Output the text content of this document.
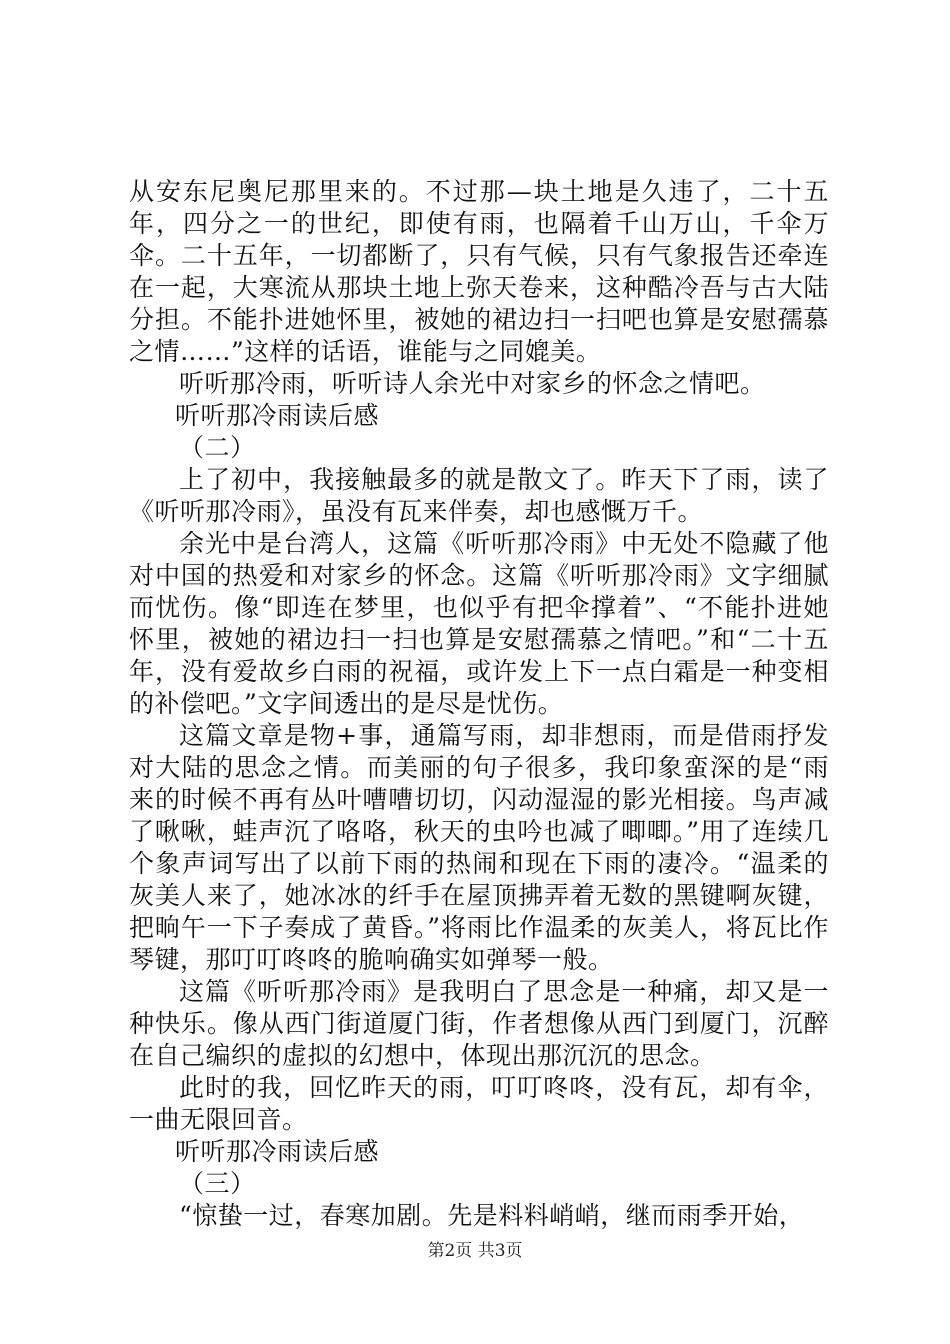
从安东尼奥尼那里来的。不过那—块土地是久违了，二十五年，四分之一的世纪，即使有雨，也隔着千山万山，千伞万伞。二十五年，一切都断了，只有气候，只有气象报告还牵连在一起，大寒流从那块土地上弥天卷来，这种酷冷吾与古大陆分担。不能扑进她怀里，被她的裙边扫一扫吧也算是安慰孺慕之情……”这样的话语，谁能与之同媲美。

听听那冷雨，听听诗人余光中对家乡的怀念之情吧。

听听那冷雨读后感

（二）

上了初中，我接触最多的就是散文了。昨天下了雨，读了《听听那冷雨》，虽没有瓦来伴奏，却也感慨万千。

余光中是台湾人，这篇《听听那冷雨》中无处不隐藏了他对中国的热爱和对家乡的怀念。这篇《听听那冷雨》文字细腻而忧伤。像“即连在梦里，也似乎有把伞撑着”、“不能扑进她怀里，被她的裙边扫一扫也算是安慰孺慕之情吧。”和“二十五年，没有爱故乡白雨的祝福，或许发上下一点白霜是一种变相的补偿吧。”文字间透出的是尽是忧伤。

这篇文章是物+事，通篇写雨，却非想雨，而是借雨抒发对大陆的思念之情。而美丽的句子很多，我印象蛮深的是“雨来的时候不再有丛叶嘈嘈切切，闪动湿湿的影光相接。鸟声减了啾啾，蛙声沉了咯咯，秋天的虫吟也减了唧唧。”用了连续几个象声词写出了以前下雨的热闹和现在下雨的凄冷。“温柔的灰美人来了，她冰冰的纤手在屋顶拂弄着无数的黑键啊灰键，把晌午一下子奏成了黄昏。”将雨比作温柔的灰美人，将瓦比作琴键，那叮叮咚咚的脆响确实如弹琴一般。

这篇《听听那冷雨》是我明白了思念是一种痛，却又是一种快乐。像从西门街道厦门街，作者想像从西门到厦门，沉醉在自己编织的虚拟的幻想中，体现出那沉沉的思念。

此时的我，回忆昨天的雨，叮叮咚咚，没有瓦，却有伞，一曲无限回音。

听听那冷雨读后感

（三）

“惊蛰一过，春寒加剧。先是料料峭峭，继而雨季开始，

第2页 共3页
